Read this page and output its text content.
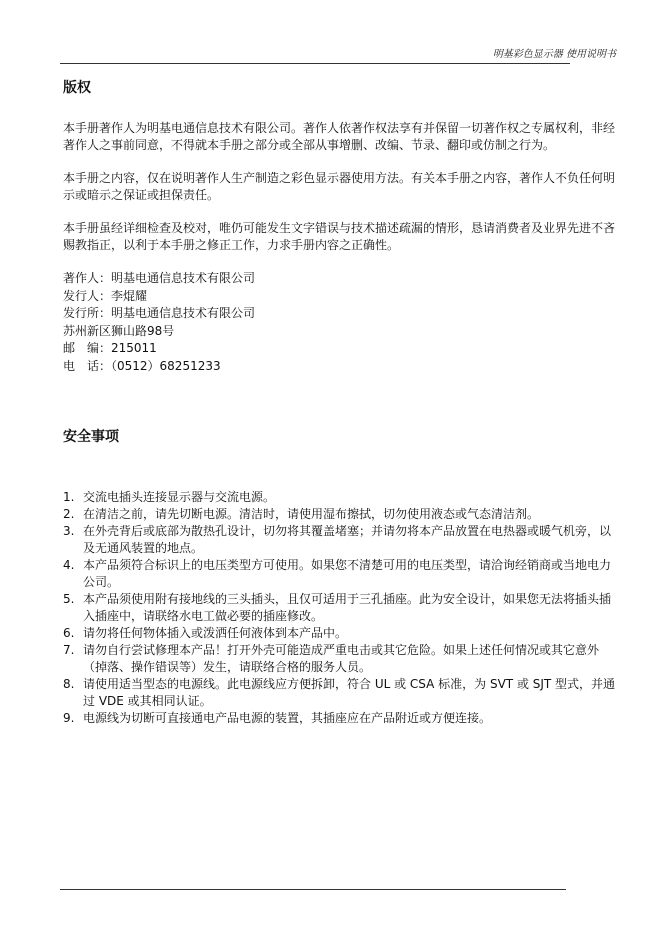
明基彩色显示器 使用说明书
版权

本手册著作人为明基电通信息技术有限公司。著作人依著作权法享有并保留一切著作权之专属权利，非经著作人之事前同意，不得就本手册之部分或全部从事增删、改编、节录、翻印或仿制之行为。

本手册之内容，仅在说明著作人生产制造之彩色显示器使用方法。有关本手册之内容，著作人不负任何明示或暗示之保证或担保责任。

本手册虽经详细检查及校对，唯仍可能发生文字错误与技术描述疏漏的情形，恳请消费者及业界先进不吝赐教指正，以利于本手册之修正工作，力求手册内容之正确性。

著作人：明基电通信息技术有限公司
发行人：李焜耀
发行所：明基电通信息技术有限公司
苏州新区狮山路98号
邮　编：215011
电　话：（0512）68251233
安全事项
1. 交流电插头连接显示器与交流电源。
2. 在清洁之前，请先切断电源。清洁时，请使用湿布擦拭，切勿使用液态或气态清洁剂。
3. 在外壳背后或底部为散热孔设计，切勿将其覆盖堵塞；并请勿将本产品放置在电热器或暖气机旁，以及无通风装置的地点。
4. 本产品须符合标识上的电压类型方可使用。如果您不清楚可用的电压类型，请洽询经销商或当地电力公司。
5. 本产品须使用附有接地线的三头插头，且仅可适用于三孔插座。此为安全设计，如果您无法将插头插入插座中，请联络水电工做必要的插座修改。
6. 请勿将任何物体插入或泼洒任何液体到本产品中。
7. 请勿自行尝试修理本产品！打开外壳可能造成严重电击或其它危险。如果上述任何情况或其它意外（掉落、操作错误等）发生，请联络合格的服务人员。
8. 请使用适当型态的电源线。此电源线应方便拆卸，符合 UL 或 CSA 标准，为 SVT 或 SJT 型式，并通过 VDE 或其相同认证。
9. 电源线为切断可直接通电产品电源的装置，其插座应在产品附近或方便连接。
